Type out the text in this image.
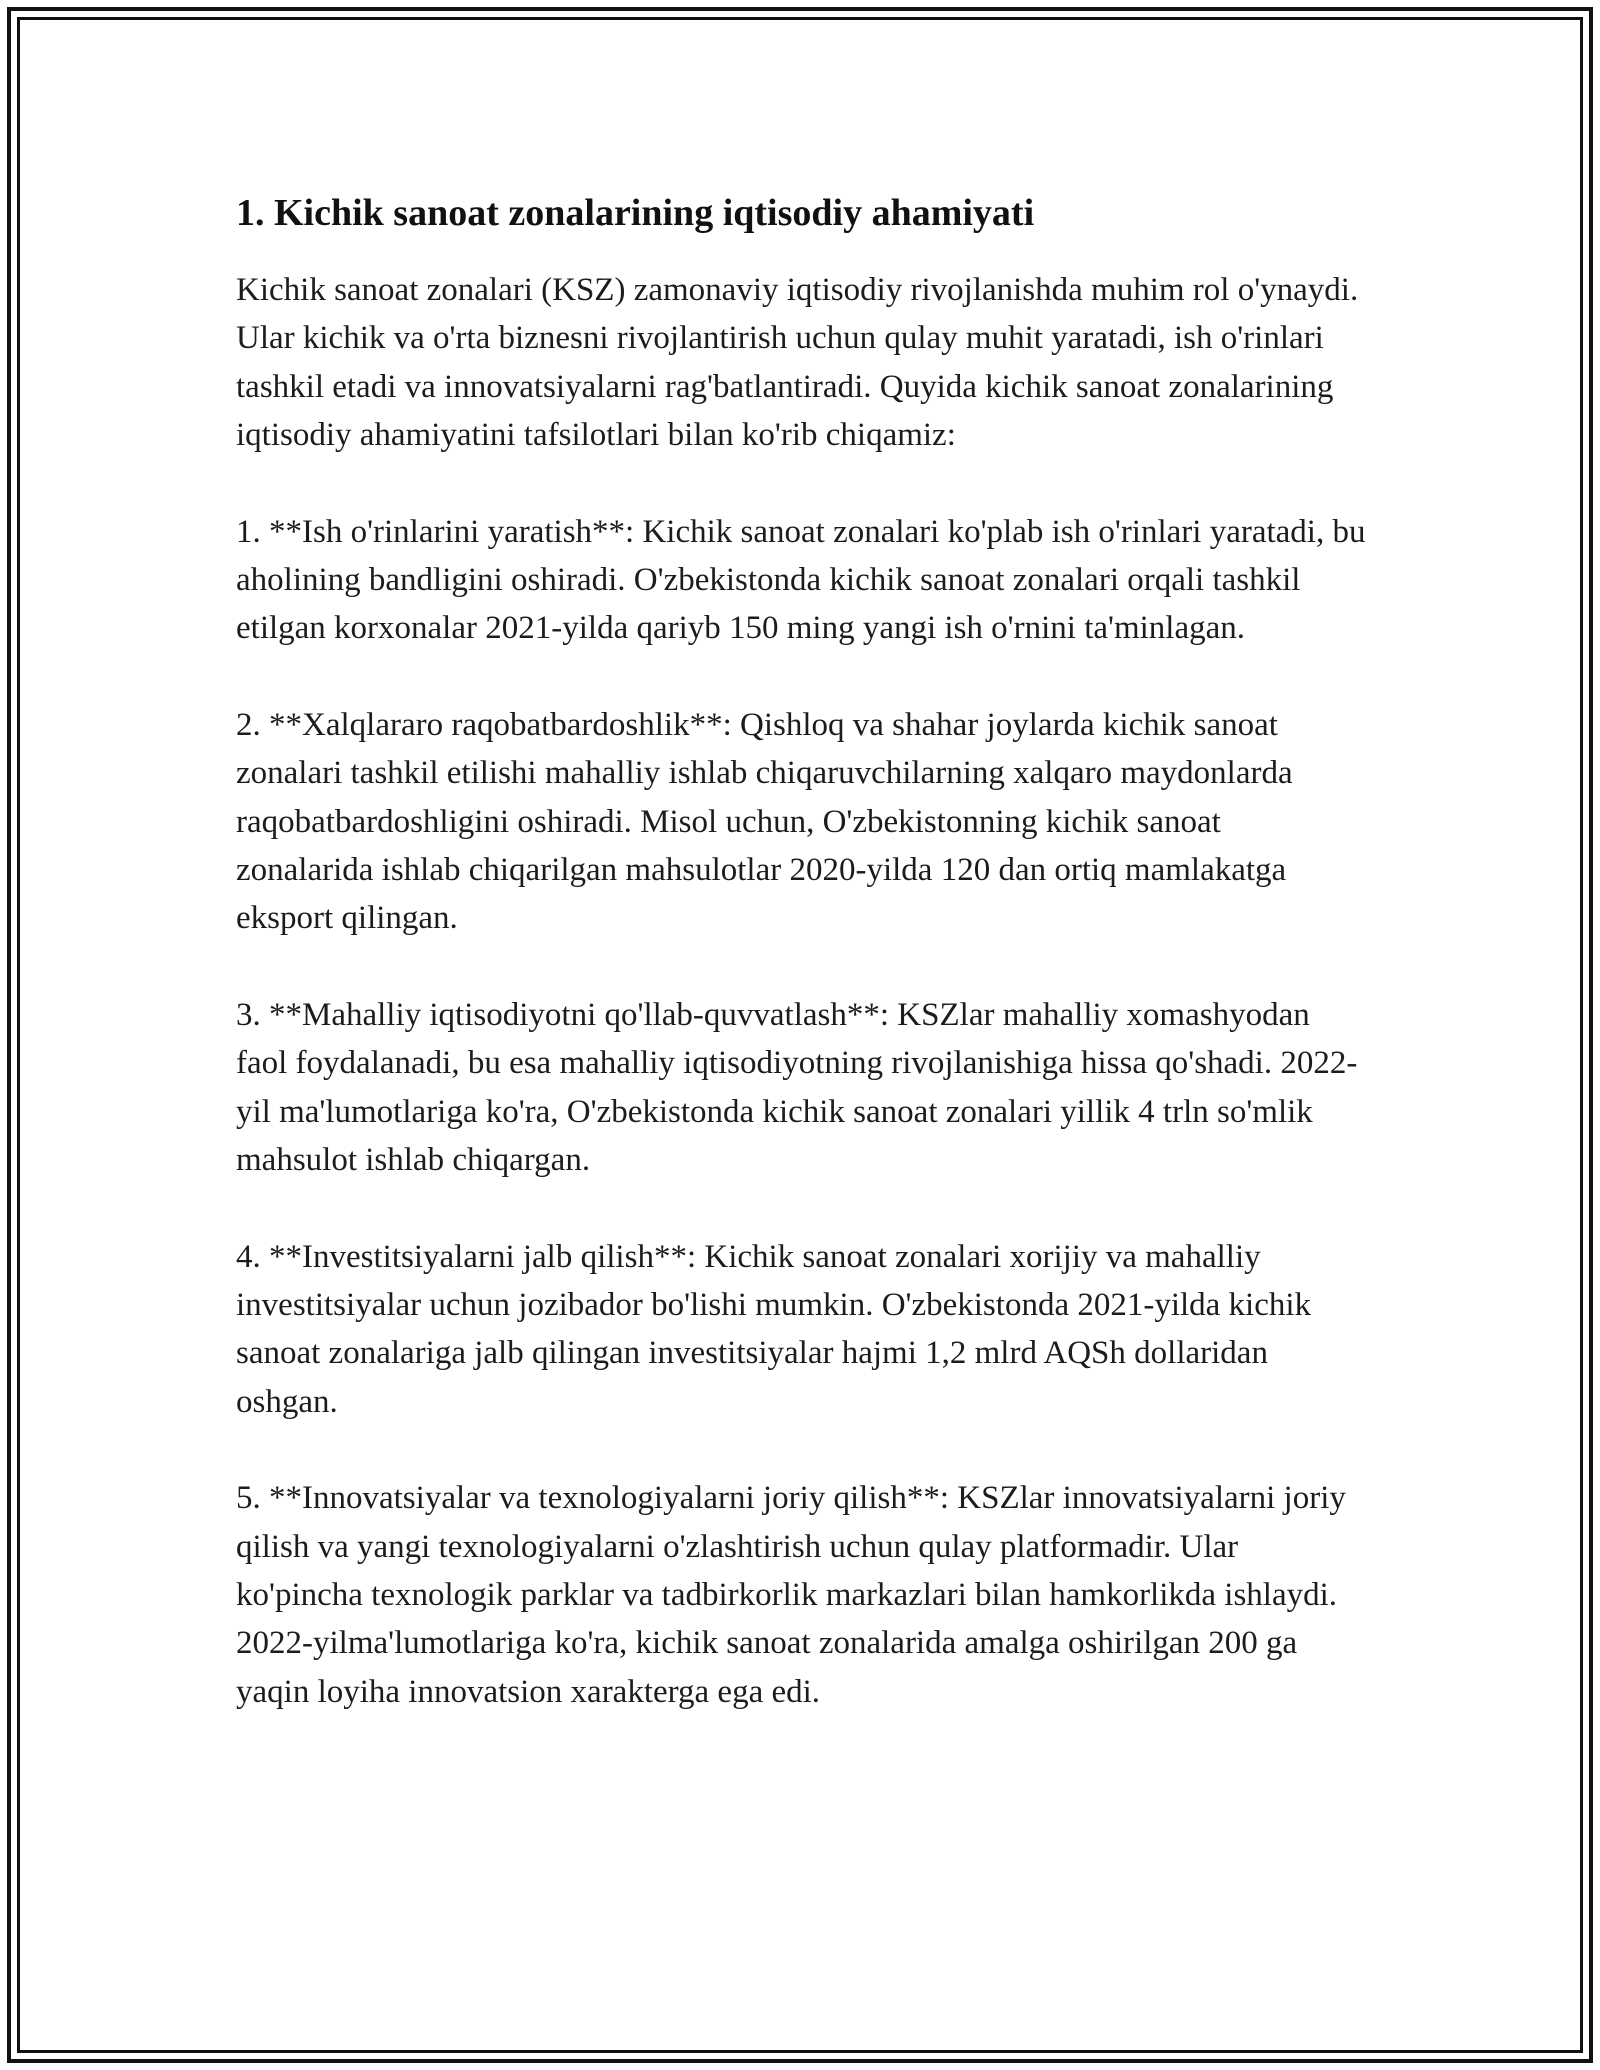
1. Kichik sanoat zonalarining iqtisodiy ahamiyati

Kichik sanoat zonalari (KSZ) zamonaviy iqtisodiy rivojlanishda muhim rol o'ynaydi. Ular kichik va o'rta biznesni rivojlantirish uchun qulay muhit yaratadi, ish o'rinlari tashkil etadi va innovatsiyalarni rag'batlantiradi. Quyida kichik sanoat zonalarining iqtisodiy ahamiyatini tafsilotlari bilan ko'rib chiqamiz:

1. **Ish o'rinlarini yaratish**: Kichik sanoat zonalari ko'plab ish o'rinlari yaratadi, bu aholining bandligini oshiradi. O'zbekistonda kichik sanoat zonalari orqali tashkil etilgan korxonalar 2021-yilda qariyb 150 ming yangi ish o'rnini ta'minlagan.

2. **Xalqlararo raqobatbardoshlik**: Qishloq va shahar joylarda kichik sanoat zonalari tashkil etilishi mahalliy ishlab chiqaruvchilarning xalqaro maydonlarda raqobatbardoshligini oshiradi. Misol uchun, O'zbekistonning kichik sanoat zonalarida ishlab chiqarilgan mahsulotlar 2020-yilda 120 dan ortiq mamlakatga eksport qilingan.

3. **Mahalliy iqtisodiyotni qo'llab-quvvatlash**: KSZlar mahalliy xomashyodan faol foydalanadi, bu esa mahalliy iqtisodiyotning rivojlanishiga hissa qo'shadi. 2022-yil ma'lumotlariga ko'ra, O'zbekistonda kichik sanoat zonalari yillik 4 trln so'mlik mahsulot ishlab chiqargan.

4. **Investitsiyalarni jalb qilish**: Kichik sanoat zonalari xorijiy va mahalliy investitsiyalar uchun jozibador bo'lishi mumkin. O'zbekistonda 2021-yilda kichik sanoat zonalariga jalb qilingan investitsiyalar hajmi 1,2 mlrd AQSh dollaridan oshgan.

5. **Innovatsiyalar va texnologiyalarni joriy qilish**: KSZlar innovatsiyalarni joriy qilish va yangi texnologiyalarni o'zlashtirish uchun qulay platformadir. Ular ko'pincha texnologik parklar va tadbirkorlik markazlari bilan hamkorlikda ishlaydi. 2022-yilma'lumotlariga ko'ra, kichik sanoat zonalarida amalga oshirilgan 200 ga yaqin loyiha innovatsion xarakterga ega edi.
